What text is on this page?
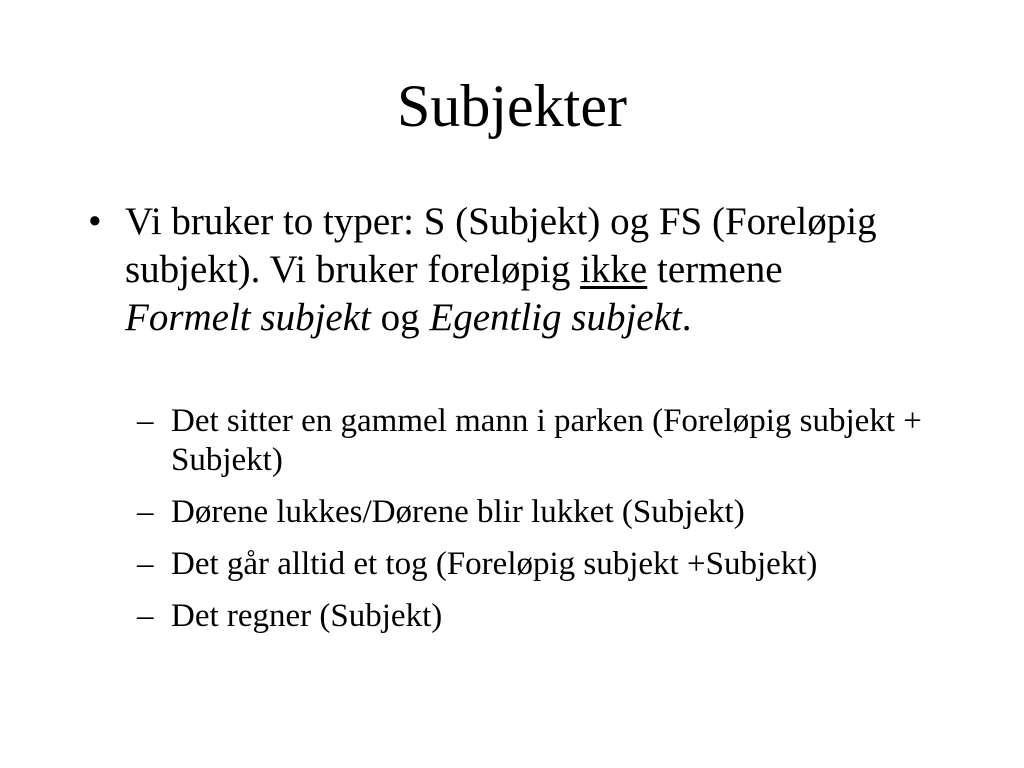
Subjekter
• Vi bruker to typer: S (Subjekt) og FS (Foreløpig subjekt). Vi bruker foreløpig ikke termene Formelt subjekt og Egentlig subjekt.
– Det sitter en gammel mann i parken (Foreløpig subjekt + Subjekt)
– Dørene lukkes/Dørene blir lukket (Subjekt)
– Det går alltid et tog (Foreløpig subjekt +Subjekt)
– Det regner (Subjekt)
